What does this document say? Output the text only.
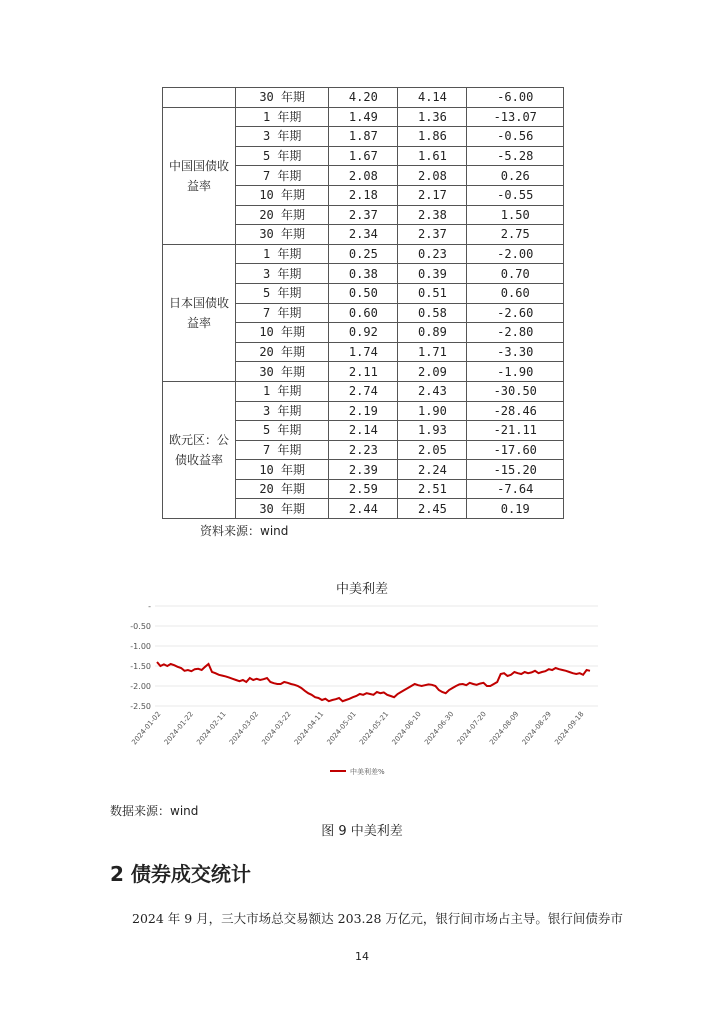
	30 年期	4.20	4.14	-6.00
中国国债收益率	1 年期	1.49	1.36	-13.07
	3 年期	1.87	1.86	-0.56
	5 年期	1.67	1.61	-5.28
	7 年期	2.08	2.08	0.26
	10 年期	2.18	2.17	-0.55
	20 年期	2.37	2.38	1.50
	30 年期	2.34	2.37	2.75
日本国债收益率	1 年期	0.25	0.23	-2.00
	3 年期	0.38	0.39	0.70
	5 年期	0.50	0.51	0.60
	7 年期	0.60	0.58	-2.60
	10 年期	0.92	0.89	-2.80
	20 年期	1.74	1.71	-3.30
	30 年期	2.11	2.09	-1.90
欧元区：公债收益率	1 年期	2.74	2.43	-30.50
	3 年期	2.19	1.90	-28.46
	5 年期	2.14	1.93	-21.11
	7 年期	2.23	2.05	-17.60
	10 年期	2.39	2.24	-15.20
	20 年期	2.59	2.51	-7.64
	30 年期	2.44	2.45	0.19
资料来源：wind
中美利差
-
-0.50
-1.00
-1.50
-2.00
-2.50
2024-01-02 2024-01-22 2024-02-11 2024-03-02 2024-03-22 2024-04-11 2024-05-01 2024-05-21 2024-06-10 2024-06-30 2024-07-20 2024-08-09 2024-08-29 2024-09-18
中美利差%
数据来源：wind
图 9 中美利差
2 债券成交统计
2024 年 9 月，三大市场总交易额达 203.28 万亿元，银行间市场占主导。银行间债券市
14
